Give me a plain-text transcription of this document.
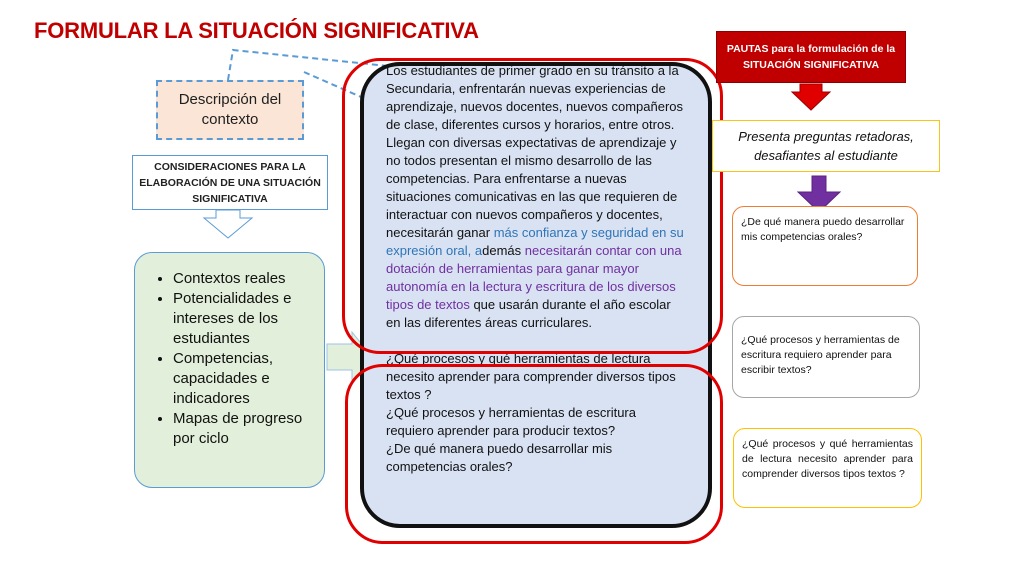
FORMULAR LA SITUACIÓN SIGNIFICATIVA
Descripción del contexto
CONSIDERACIONES PARA LA ELABORACIÓN DE UNA SITUACIÓN SIGNIFICATIVA
• Contextos reales
• Potencialidades e intereses de los estudiantes
• Competencias, capacidades e indicadores
• Mapas de progreso por ciclo

Los estudiantes de primer grado en su tránsito a la Secundaria, enfrentarán nuevas experiencias de aprendizaje, nuevos docentes, nuevos compañeros de clase, diferentes cursos y horarios, entre otros. Llegan con diversas expectativas de aprendizaje y no todos presentan el mismo desarrollo de las competencias. Para enfrentarse a nuevas situaciones comunicativas en las que requieren de interactuar con nuevos compañeros y docentes, necesitarán ganar más confianza y seguridad en su expresión oral, además necesitarán contar con una dotación de herramientas para ganar mayor autonomía en la lectura y escritura de los diversos tipos de textos que usarán durante el año escolar en las diferentes áreas curriculares.

¿Qué procesos y qué herramientas de lectura necesito aprender para comprender diversos tipos textos ?

¿Qué procesos y herramientas de escritura requiero aprender para producir textos?

¿De qué manera puedo desarrollar mis competencias orales?

PAUTAS para la formulación de la SITUACIÓN SIGNIFICATIVA
Presenta preguntas retadoras, desafiantes al estudiante
¿De qué manera puedo desarrollar mis competencias orales?
¿Qué procesos y herramientas de escritura requiero aprender para escribir textos?
¿Qué procesos y qué herramientas de lectura necesito aprender para comprender diversos tipos textos ?
